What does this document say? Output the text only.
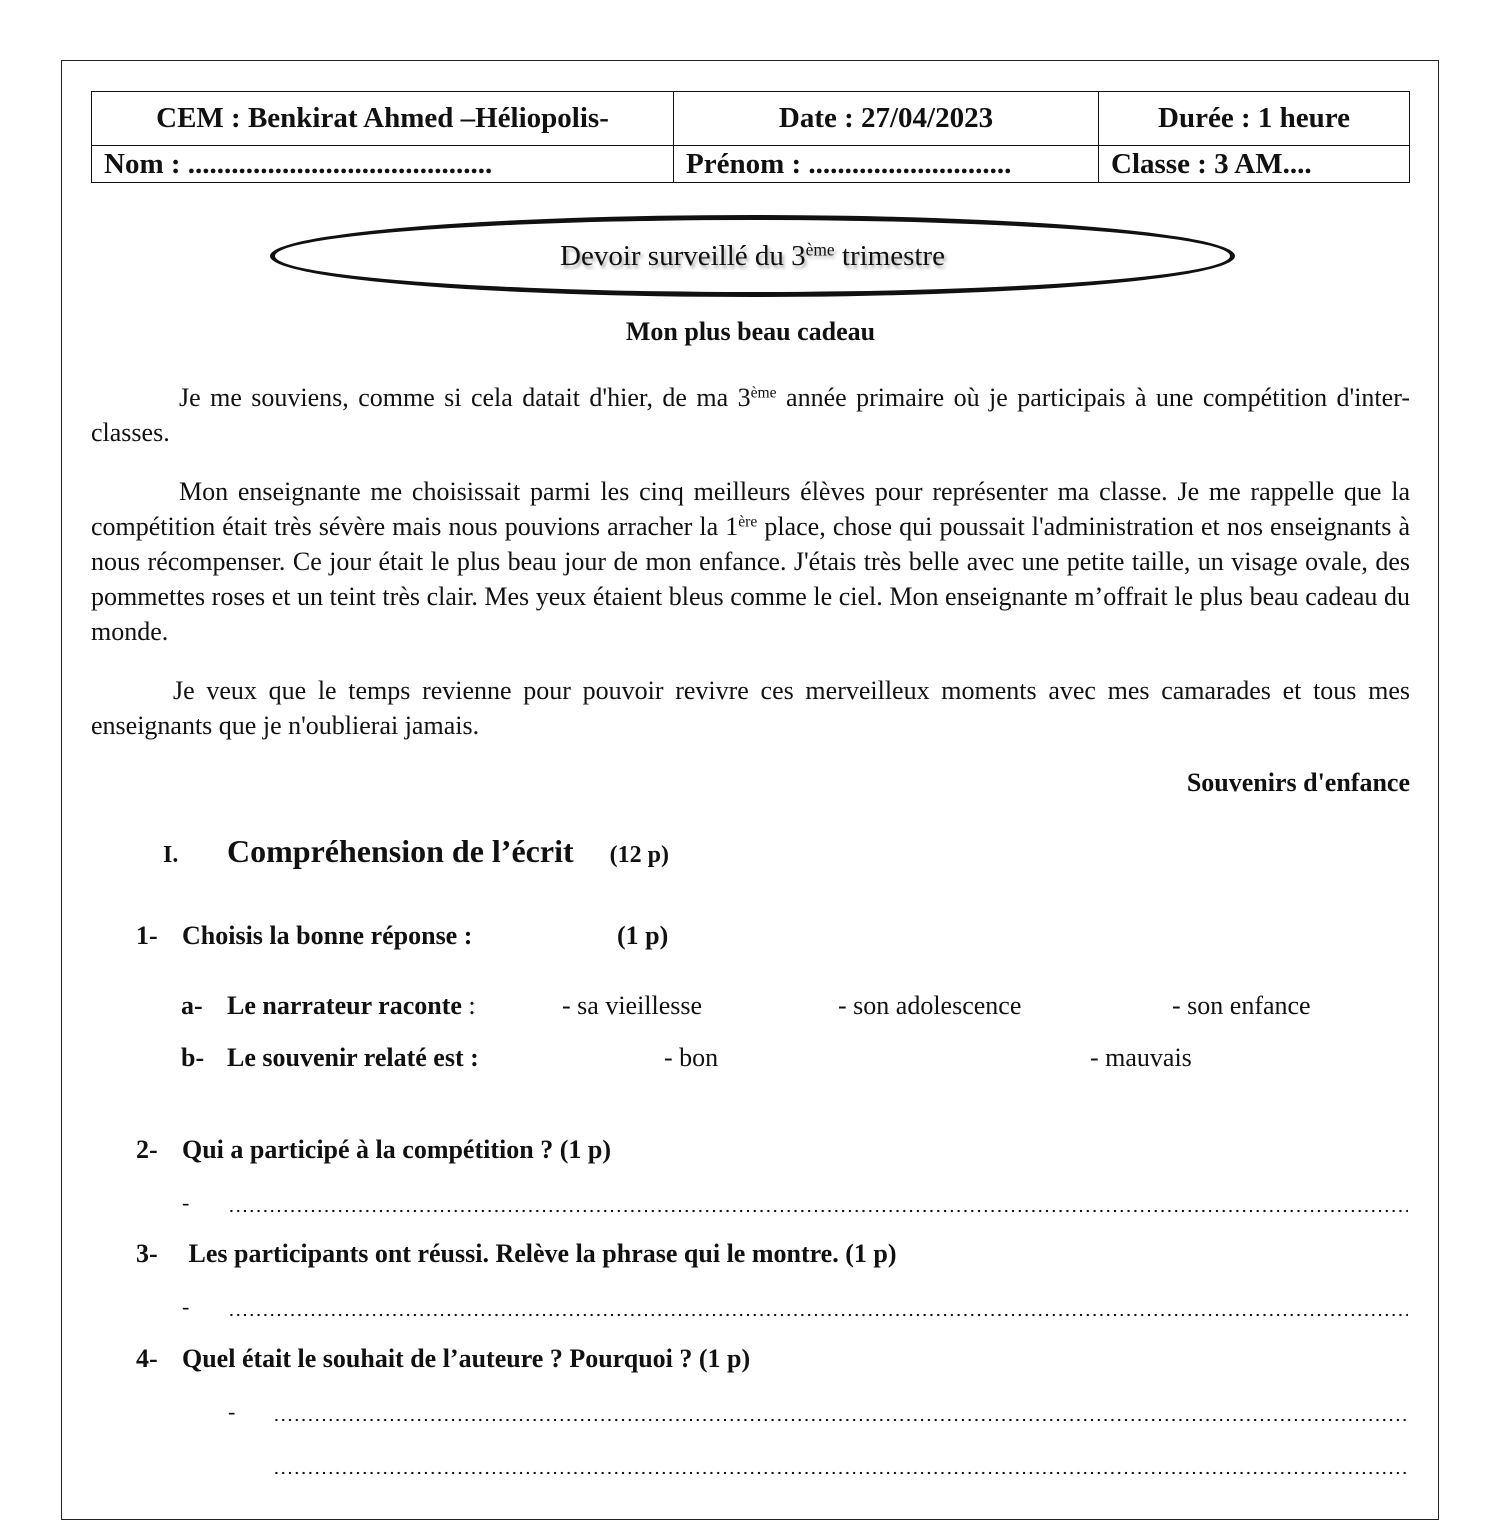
CEM : Benkirat Ahmed –Héliopolis-	Date : 27/04/2023	Durée : 1 heure
Nom : ..........................................	Prénom : ............................	Classe : 3 AM....
Devoir surveillé du 3ème trimestre
Mon plus beau cadeau
Je me souviens, comme si cela datait d'hier, de ma 3ème année primaire où je participais à une compétition d'inter- classes.
Mon enseignante me choisissait parmi les cinq meilleurs élèves pour représenter ma classe. Je me rappelle que la compétition était très sévère mais nous pouvions arracher la 1ère place, chose qui poussait l'administration et nos enseignants à nous récompenser. Ce jour était le plus beau jour de mon enfance. J'étais très belle avec une petite taille, un visage ovale, des pommettes roses et un teint très clair. Mes yeux étaient bleus comme le ciel. Mon enseignante m’offrait le plus beau cadeau du monde.
Je veux que le temps revienne pour pouvoir revivre ces merveilleux moments avec mes camarades et tous mes enseignants que je n'oublierai jamais.
Souvenirs d'enfance
I. Compréhension de l’écrit (12 p)
1- Choisis la bonne réponse :	(1 p)
a- Le narrateur raconte :	- sa vieillesse	- son adolescence	- son enfance
b- Le souvenir relaté est :	- bon	- mauvais
2- Qui a participé à la compétition ? (1 p)
-
3- Les participants ont réussi. Relève la phrase qui le montre. (1 p)
-
4- Quel était le souhait de l’auteure ? Pourquoi ? (1 p)
-
